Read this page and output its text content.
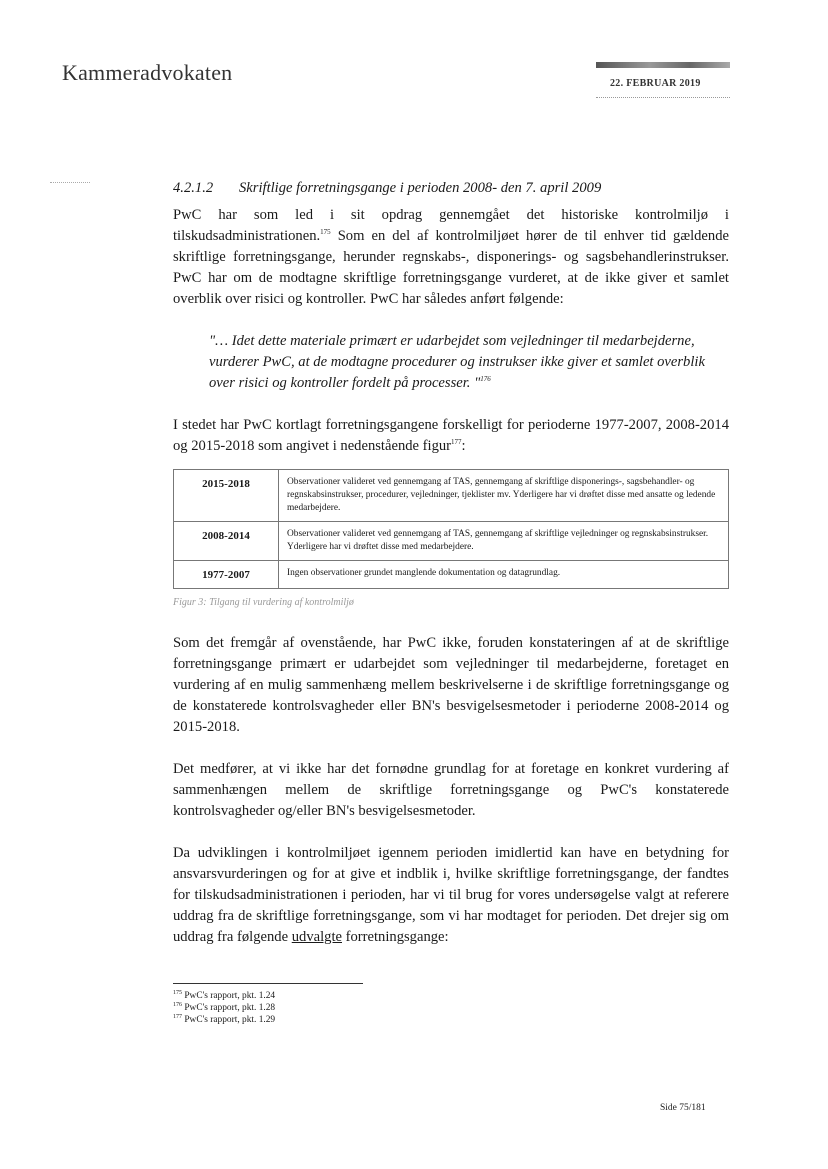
Kammeradvokaten	22. FEBRUAR 2019
4.2.1.2 Skriftlige forretningsgange i perioden 2008- den 7. april 2009

PwC har som led i sit opdrag gennemgået det historiske kontrolmiljø i tilskudsadministrationen.$^{175}$ Som en del af kontrolmiljøet hører de til enhver tid gældende skriftlige forretningsgange, herunder regnskabs-, disponerings- og sagsbehandlerinstrukser. PwC har om de modtagne skriftlige forretningsgange vurderet, at de ikke giver et samlet overblik over risici og kontroller. PwC har således anført følgende:

"… Idet dette materiale primært er udarbejdet som vejledninger til medarbejderne, vurderer PwC, at de modtagne procedurer og instrukser ikke giver et samlet overblik over risici og kontroller fordelt på processer. "$^{176}$

I stedet har PwC kortlagt forretningsgangene forskelligt for perioderne 1977-2007, 2008-2014 og 2015-2018 som angivet i nedenstående figur$^{177}$:

2015-2018	Observationer valideret ved gennemgang af TAS, gennemgang af skriftlige disponerings-, sagsbehandler- og regnskabsinstrukser, procedurer, vejledninger, tjeklister mv. Yderligere har vi drøftet disse med ansatte og ledende medarbejdere.
2008-2014	Observationer valideret ved gennemgang af TAS, gennemgang af skriftlige vejledninger og regnskabsinstrukser. Yderligere har vi drøftet disse med medarbejdere.
1977-2007	Ingen observationer grundet manglende dokumentation og datagrundlag.
Figur 3: Tilgang til vurdering af kontrolmiljø

Som det fremgår af ovenstående, har PwC ikke, foruden konstateringen af at de skriftlige forretningsgange primært er udarbejdet som vejledninger til medarbejderne, foretaget en vurdering af en mulig sammenhæng mellem beskrivelserne i de skriftlige forretningsgange og de konstaterede kontrolsvagheder eller BN's besvigelsesmetoder i perioderne 2008-2014 og 2015-2018.

Det medfører, at vi ikke har det fornødne grundlag for at foretage en konkret vurdering af sammenhængen mellem de skriftlige forretningsgange og PwC's konstaterede kontrolsvagheder og/eller BN's besvigelsesmetoder.

Da udviklingen i kontrolmiljøet igennem perioden imidlertid kan have en betydning for ansvarsvurderingen og for at give et indblik i, hvilke skriftlige forretningsgange, der fandtes for tilskudsadministrationen i perioden, har vi til brug for vores undersøgelse valgt at referere uddrag fra de skriftlige forretningsgange, som vi har modtaget for perioden. Det drejer sig om uddrag fra følgende udvalgte forretningsgange:

$^{175}$ PwC's rapport, pkt. 1.24
$^{176}$ PwC's rapport, pkt. 1.28
$^{177}$ PwC's rapport, pkt. 1.29
Side 75/181
